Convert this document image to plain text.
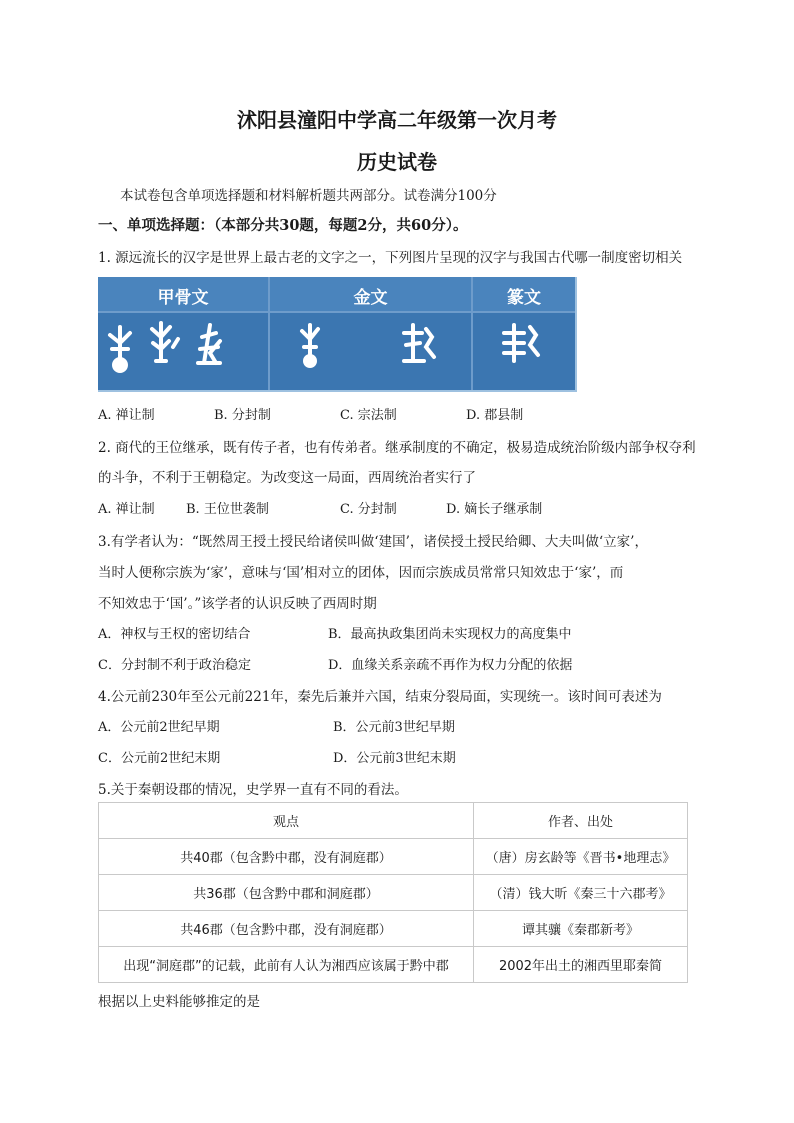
沭阳县潼阳中学高二年级第一次月考
历史试卷
本试卷包含单项选择题和材料解析题共两部分。试卷满分100分
一、单项选择题：（本部分共30题，每题2分，共60分）。
1. 源远流长的汉字是世界上最古老的文字之一，下列图片呈现的汉字与我国古代哪一制度密切相关
甲骨文	金文	篆文
A. 禅让制	B. 分封制	C. 宗法制	D. 郡县制
2. 商代的王位继承，既有传子者，也有传弟者。继承制度的不确定，极易造成统治阶级内部争权夺利
的斗争，不利于王朝稳定。为改变这一局面，西周统治者实行了
A. 禅让制 B. 王位世袭制	C. 分封制	D. 嫡长子继承制
3.有学者认为：“既然周王授土授民给诸侯叫做‘建国’，诸侯授土授民给卿、大夫叫做‘立家’，
当时人便称宗族为‘家’，意味与‘国’相对立的团体，因而宗族成员常常只知效忠于‘家’，而
不知效忠于‘国’。”该学者的认识反映了西周时期
A．神权与王权的密切结合	B．最高执政集团尚未实现权力的高度集中
C．分封制不利于政治稳定	D．血缘关系亲疏不再作为权力分配的依据
4.公元前230年至公元前221年，秦先后兼并六国，结束分裂局面，实现统一。该时间可表述为
A．公元前2世纪早期	B．公元前3世纪早期
C．公元前2世纪末期	D．公元前3世纪末期
5.关于秦朝设郡的情况，史学界一直有不同的看法。
观点	作者、出处
共40郡（包含黔中郡，没有洞庭郡）	（唐）房玄龄等《晋书•地理志》
共36郡（包含黔中郡和洞庭郡）	（清）钱大昕《秦三十六郡考》
共46郡（包含黔中郡，没有洞庭郡）	谭其骧《秦郡新考》
出现“洞庭郡”的记载，此前有人认为湘西应该属于黔中郡	2002年出土的湘西里耶秦简
根据以上史料能够推定的是
